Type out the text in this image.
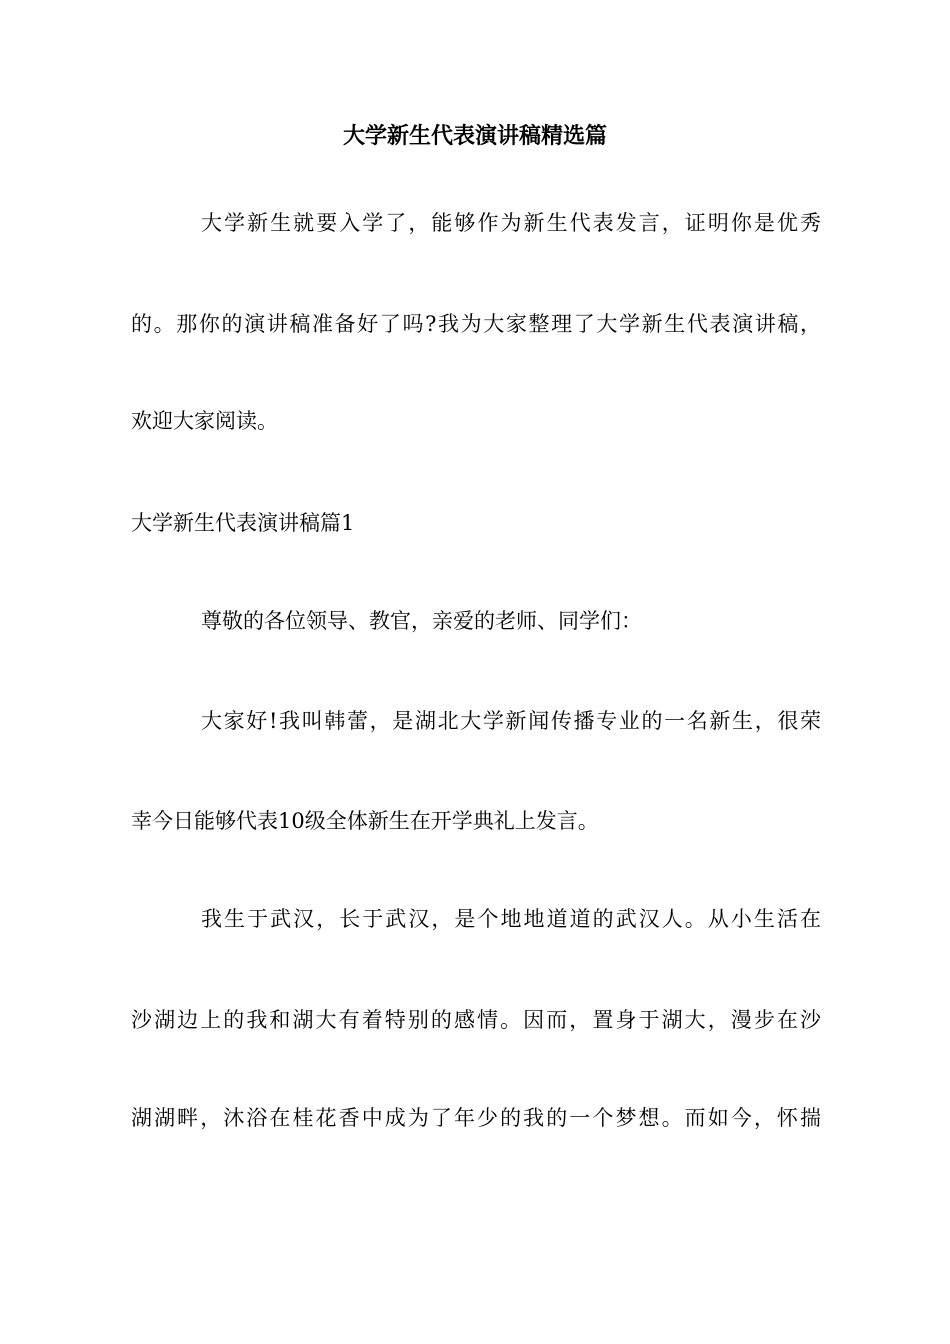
大学新生代表演讲稿精选篇
大学新生就要入学了，能够作为新生代表发言，证明你是优秀
的。那你的演讲稿准备好了吗?我为大家整理了大学新生代表演讲稿，
欢迎大家阅读。
大学新生代表演讲稿篇1
尊敬的各位领导、教官，亲爱的老师、同学们：
大家好!我叫韩蕾，是湖北大学新闻传播专业的一名新生，很荣
幸今日能够代表10级全体新生在开学典礼上发言。
我生于武汉，长于武汉，是个地地道道的武汉人。从小生活在
沙湖边上的我和湖大有着特别的感情。因而，置身于湖大，漫步在沙
湖湖畔，沐浴在桂花香中成为了年少的我的一个梦想。而如今，怀揣
